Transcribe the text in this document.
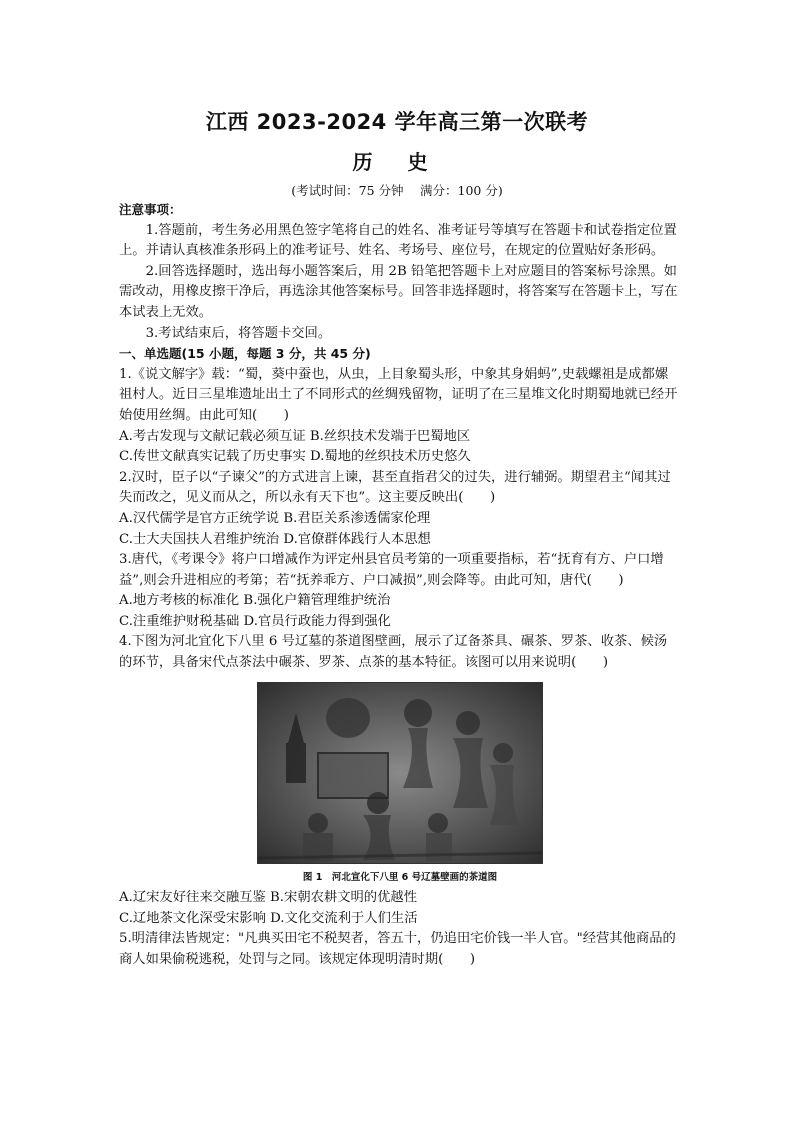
江西 2023-2024 学年高三第一次联考
历 史
(考试时间：75 分钟　 满分：100 分)

注意事项：

1.答题前，考生务必用黑色签字笔将自己的姓名、准考证号等填写在答题卡和试卷指定位置上。并请认真核准条形码上的准考证号、姓名、考场号、座位号，在规定的位置贴好条形码。

2.回答选择题时，选出每小题答案后，用 2B 铅笔把答题卡上对应题目的答案标号涂黑。如需改动，用橡皮擦干净后，再选涂其他答案标号。回答非选择题时，将答案写在答题卡上，写在本试表上无效。

3.考试结束后，将答题卡交回。

一、单选题(15 小题，每题 3 分，共 45 分)

1.《说文解字》载：“蜀，葵中蚕也，从虫，上目象蜀头形，中象其身娟蚂”,史载螺祖是成都嫘祖村人。近日三星堆遗址出土了不同形式的丝绸残留物，证明了在三星堆文化时期蜀地就已经开始使用丝绸。由此可知(　　)

A.考古发现与文献记载必须互证 B.丝织技术发端于巴蜀地区

C.传世文献真实记载了历史事实 D.蜀地的丝织技术历史悠久

2.汉时，臣子以“子谏父”的方式进言上谏，甚至直指君父的过失，进行辅弼。期望君主“闻其过失而改之，见义而从之，所以永有天下也”。这主要反映出(　　)

A.汉代儒学是官方正统学说 B.君臣关系渗透儒家伦理

C.士大夫国扶人君维护统治 D.官僚群体践行人本思想

3.唐代，《考课令》将户口增减作为评定州县官员考第的一项重要指标，若“抚育有方、户口增益”,则会升进相应的考第；若“抚养乖方、户口减损”,则会降等。由此可知，唐代(　　)

A.地方考核的标准化 B.强化户籍管理维护统治

C.注重维护财税基础 D.官员行政能力得到强化

4.下图为河北宜化下八里 6 号辽墓的茶道图壁画，展示了辽备茶具、碾茶、罗茶、收茶、候汤的环节，具备宋代点茶法中碾茶、罗茶、点茶的基本特征。该图可以用来说明(　　)

图 1　河北宣化下八里 6 号辽墓壁画的茶道图

A.辽宋友好往来交融互鉴 B.宋朝农耕文明的优越性

C.辽地茶文化深受宋影响 D.文化交流利于人们生活

5.明清律法皆规定："凡典买田宅不税契者，答五十，仍追田宅价钱一半人官。"经营其他商品的商人如果偷税逃税，处罚与之同。该规定体现明清时期(　　)
